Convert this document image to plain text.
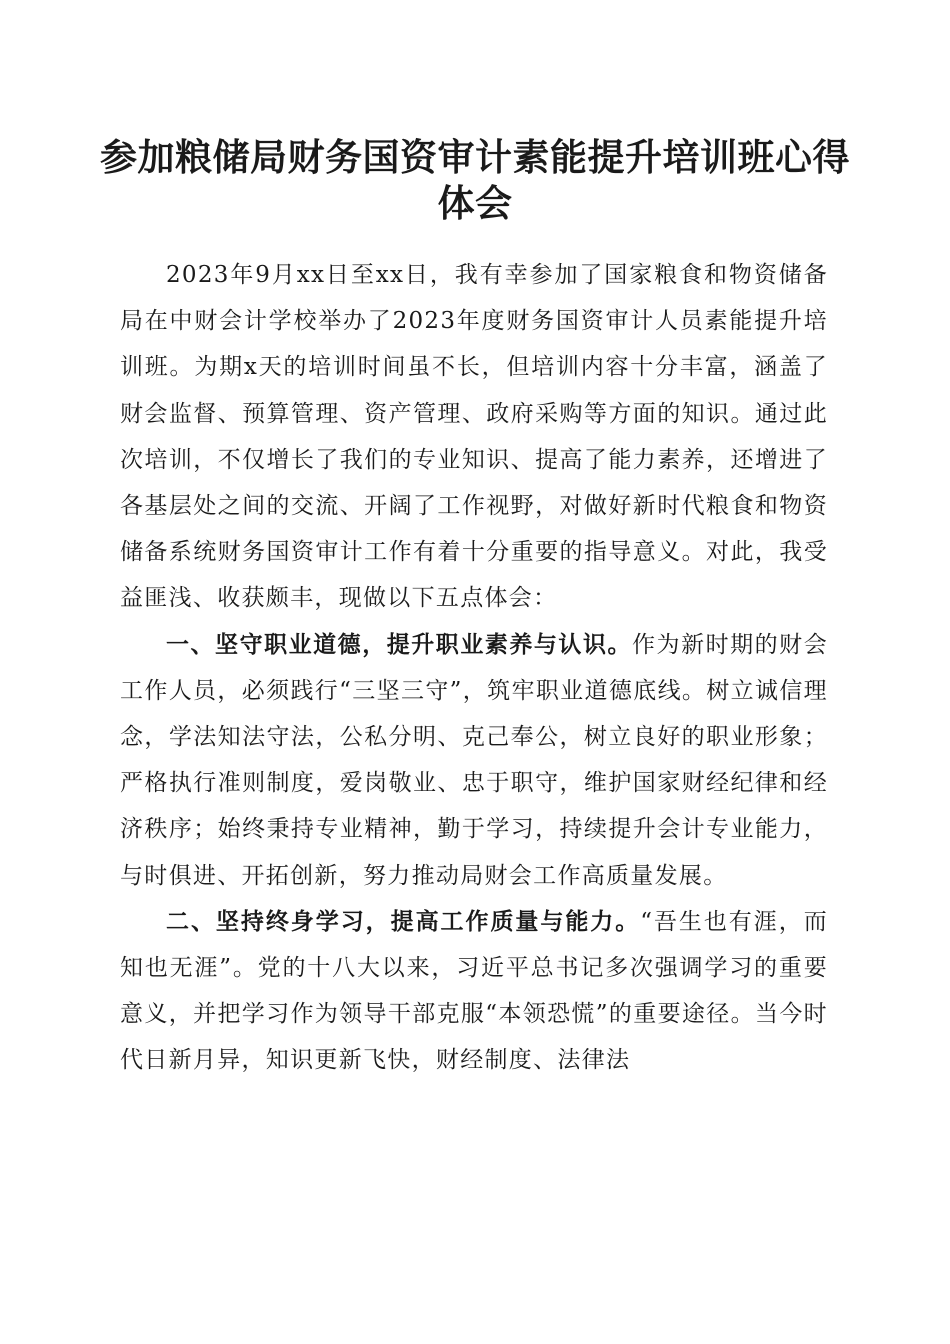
参加粮储局财务国资审计素能提升培训班心得体会

2023年9月xx日至xx日，我有幸参加了国家粮食和物资储备局在中财会计学校举办了2023年度财务国资审计人员素能提升培训班。为期x天的培训时间虽不长，但培训内容十分丰富，涵盖了财会监督、预算管理、资产管理、政府采购等方面的知识。通过此次培训，不仅增长了我们的专业知识、提高了能力素养，还增进了各基层处之间的交流、开阔了工作视野，对做好新时代粮食和物资储备系统财务国资审计工作有着十分重要的指导意义。对此，我受益匪浅、收获颇丰，现做以下五点体会：

一、坚守职业道德，提升职业素养与认识。作为新时期的财会工作人员，必须践行“三坚三守”，筑牢职业道德底线。树立诚信理念，学法知法守法，公私分明、克己奉公，树立良好的职业形象；严格执行准则制度，爱岗敬业、忠于职守，维护国家财经纪律和经济秩序；始终秉持专业精神，勤于学习，持续提升会计专业能力，与时俱进、开拓创新，努力推动局财会工作高质量发展。

二、坚持终身学习，提高工作质量与能力。“吾生也有涯，而知也无涯”。党的十八大以来，习近平总书记多次强调学习的重要意义，并把学习作为领导干部克服“本领恐慌”的重要途径。当今时代日新月异，知识更新飞快，财经制度、法律法
